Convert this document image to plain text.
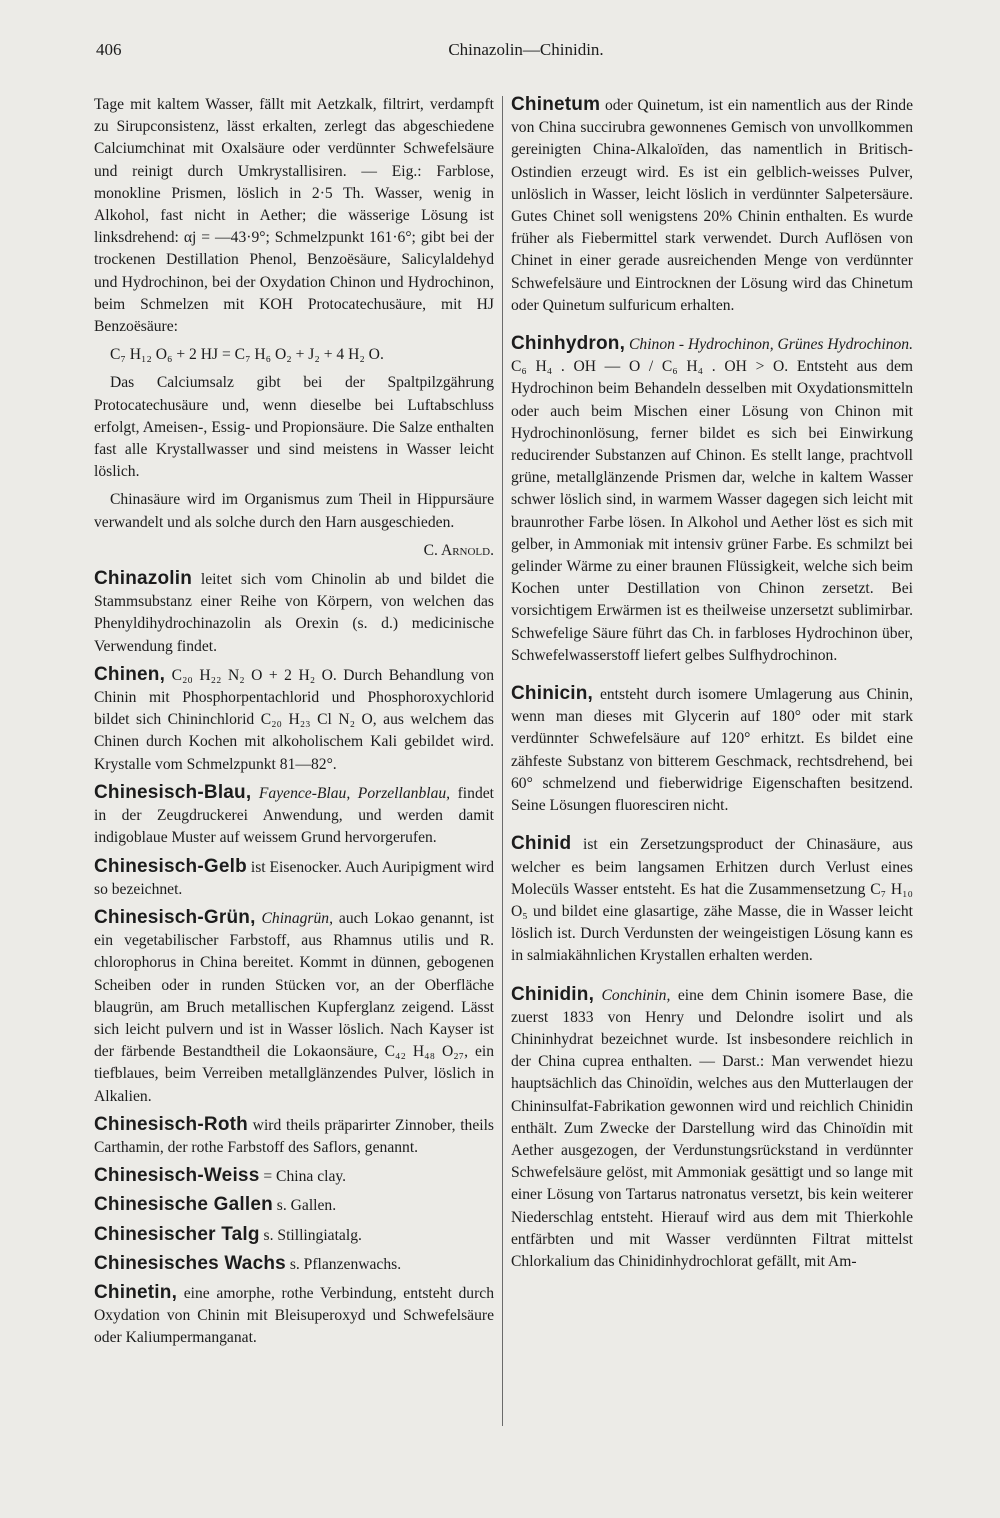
406	Chinazolin—Chinidin.

Tage mit kaltem Wasser, fällt mit Aetzkalk, filtrirt, verdampft zu Sirupconsistenz, lässt erkalten, zerlegt das abgeschiedene Calciumchinat mit Oxalsäure oder verdünnter Schwefelsäure und reinigt durch Umkrystallisiren. — Eig.: Farblose, monokline Prismen, löslich in 2·5 Th. Wasser, wenig in Alkohol, fast nicht in Aether; die wässerige Lösung ist linksdrehend: αj = —43·9°; Schmelzpunkt 161·6°; gibt bei der trockenen Destillation Phenol, Benzoësäure, Salicylaldehyd und Hydrochinon, bei der Oxydation Chinon und Hydrochinon, beim Schmelzen mit KOH Protocatechusäure, mit HJ Benzoësäure:

C₇ H₁₂ O₆ + 2 HJ = C₇ H₆ O₂ + J₂ + 4 H₂ O.

Das Calciumsalz gibt bei der Spaltpilzgährung Protocatechusäure und, wenn dieselbe bei Luftabschluss erfolgt, Ameisen-, Essig- und Propionsäure. Die Salze enthalten fast alle Krystallwasser und sind meistens in Wasser leicht löslich.

Chinasäure wird im Organismus zum Theil in Hippursäure verwandelt und als solche durch den Harn ausgeschieden.

C. Arnold.

Chinazolin leitet sich vom Chinolin ab und bildet die Stammsubstanz einer Reihe von Körpern, von welchen das Phenyldihydrochinazolin als Orexin (s. d.) medicinische Verwendung findet.

Chinen, C₂₀ H₂₂ N₂ O + 2 H₂ O. Durch Behandlung von Chinin mit Phosphorpentachlorid und Phosphoroxychlorid bildet sich Chininchlorid C₂₀ H₂₃ Cl N₂ O, aus welchem das Chinen durch Kochen mit alkoholischem Kali gebildet wird. Krystalle vom Schmelzpunkt 81—82°.

Chinesisch-Blau, Fayence-Blau, Porzellanblau, findet in der Zeugdruckerei Anwendung, und werden damit indigoblaue Muster auf weissem Grund hervorgerufen.

Chinesisch-Gelb ist Eisenocker. Auch Auripigment wird so bezeichnet.

Chinesisch-Grün, Chinagrün, auch Lokao genannt, ist ein vegetabilischer Farbstoff, aus Rhamnus utilis und R. chlorophorus in China bereitet. Kommt in dünnen, gebogenen Scheiben oder in runden Stücken vor, an der Oberfläche blaugrün, am Bruch metallischen Kupferglanz zeigend. Lässt sich leicht pulvern und ist in Wasser löslich. Nach Kayser ist der färbende Bestandtheil die Lokaonsäure, C₄₂ H₄₈ O₂₇, ein tiefblaues, beim Verreiben metallglänzendes Pulver, löslich in Alkalien.

Chinesisch-Roth wird theils präparirter Zinnober, theils Carthamin, der rothe Farbstoff des Saflors, genannt.

Chinesisch-Weiss = China clay.

Chinesische Gallen s. Gallen.

Chinesischer Talg s. Stillingiatalg.

Chinesisches Wachs s. Pflanzenwachs.

Chinetin, eine amorphe, rothe Verbindung, entsteht durch Oxydation von Chinin mit Bleisuperoxyd und Schwefelsäure oder Kaliumpermanganat.

Chinetum oder Quinetum, ist ein namentlich aus der Rinde von China succirubra gewonnenes Gemisch von unvollkommen gereinigten China-Alkaloïden, das namentlich in Britisch-Ostindien erzeugt wird. Es ist ein gelblich-weisses Pulver, unlöslich in Wasser, leicht löslich in verdünnter Salpetersäure. Gutes Chinet soll wenigstens 20% Chinin enthalten. Es wurde früher als Fiebermittel stark verwendet. Durch Auflösen von Chinet in einer gerade ausreichenden Menge von verdünnter Schwefelsäure und Eintrocknen der Lösung wird das Chinetum oder Quinetum sulfuricum erhalten.

Chinhydron, Chinon - Hydrochinon, Grünes Hydrochinon. C₆ H₄ . OH — O / C₆ H₄ . OH > O. Entsteht aus dem Hydrochinon beim Behandeln desselben mit Oxydationsmitteln oder auch beim Mischen einer Lösung von Chinon mit Hydrochinonlösung, ferner bildet es sich bei Einwirkung reducirender Substanzen auf Chinon. Es stellt lange, prachtvoll grüne, metallglänzende Prismen dar, welche in kaltem Wasser schwer löslich sind, in warmem Wasser dagegen sich leicht mit braunrother Farbe lösen. In Alkohol und Aether löst es sich mit gelber, in Ammoniak mit intensiv grüner Farbe. Es schmilzt bei gelinder Wärme zu einer braunen Flüssigkeit, welche sich beim Kochen unter Destillation von Chinon zersetzt. Bei vorsichtigem Erwärmen ist es theilweise unzersetzt sublimirbar. Schwefelige Säure führt das Ch. in farbloses Hydrochinon über, Schwefelwasserstoff liefert gelbes Sulfhydrochinon.

Chinicin, entsteht durch isomere Umlagerung aus Chinin, wenn man dieses mit Glycerin auf 180° oder mit stark verdünnter Schwefelsäure auf 120° erhitzt. Es bildet eine zähfeste Substanz von bitterem Geschmack, rechtsdrehend, bei 60° schmelzend und fieberwidrige Eigenschaften besitzend. Seine Lösungen fluoresciren nicht.

Chinid ist ein Zersetzungsproduct der Chinasäure, aus welcher es beim langsamen Erhitzen durch Verlust eines Molecüls Wasser entsteht. Es hat die Zusammensetzung C₇ H₁₀ O₅ und bildet eine glasartige, zähe Masse, die in Wasser leicht löslich ist. Durch Verdunsten der weingeistigen Lösung kann es in salmiakähnlichen Krystallen erhalten werden.

Chinidin, Conchinin, eine dem Chinin isomere Base, die zuerst 1833 von Henry und Delondre isolirt und als Chininhydrat bezeichnet wurde. Ist insbesondere reichlich in der China cuprea enthalten. — Darst.: Man verwendet hiezu hauptsächlich das Chinoïdin, welches aus den Mutterlaugen der Chininsulfat-Fabrikation gewonnen wird und reichlich Chinidin enthält. Zum Zwecke der Darstellung wird das Chinoïdin mit Aether ausgezogen, der Verdunstungsrückstand in verdünnter Schwefelsäure gelöst, mit Ammoniak gesättigt und so lange mit einer Lösung von Tartarus natronatus versetzt, bis kein weiterer Niederschlag entsteht. Hierauf wird aus dem mit Thierkohle entfärbten und mit Wasser verdünnten Filtrat mittelst Chlorkalium das Chinidinhydrochlorat gefällt, mit Am-
